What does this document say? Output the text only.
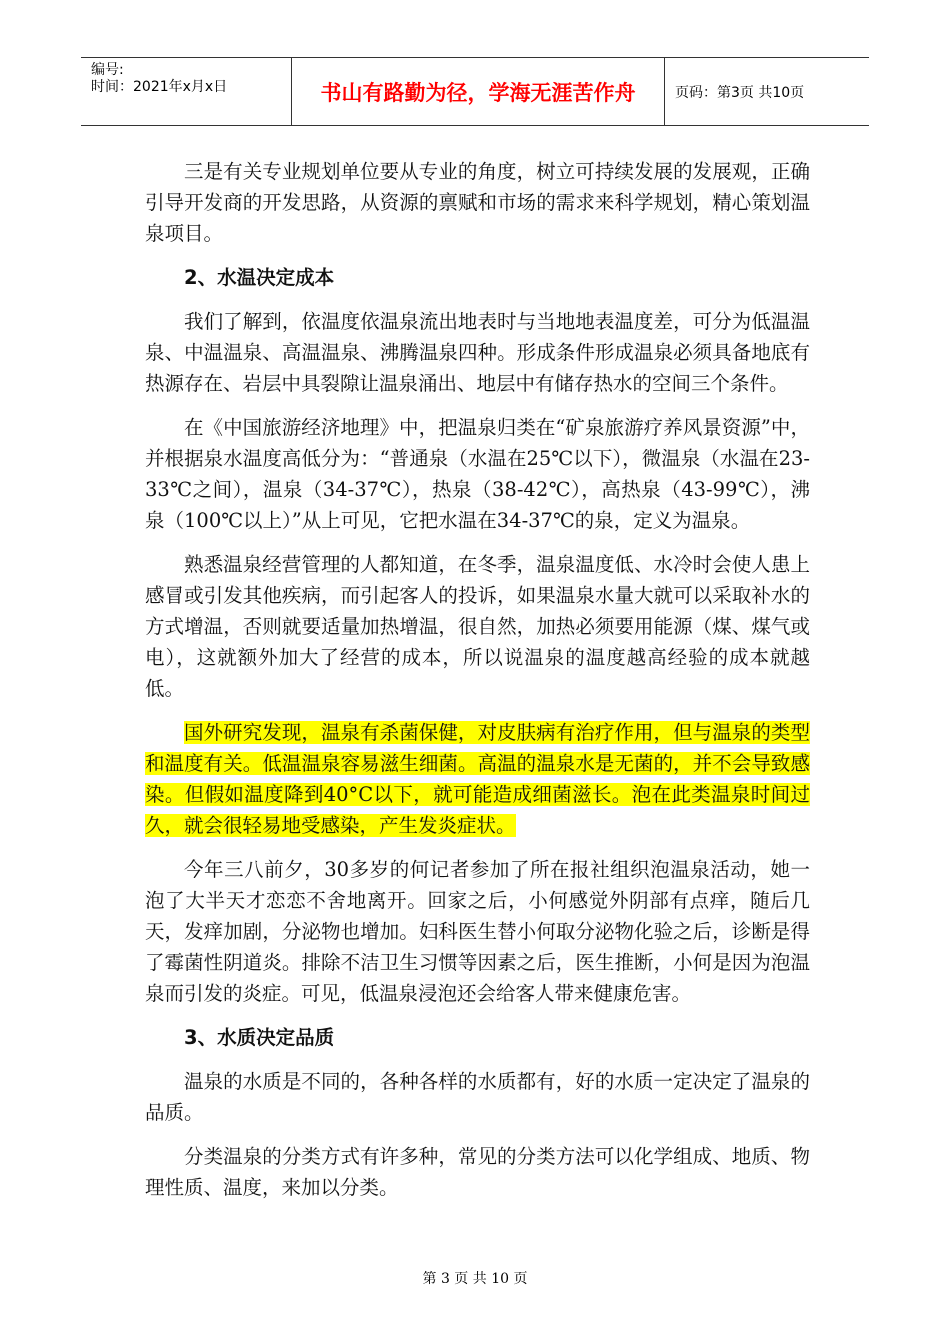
编号:
时间：2021年x月x日	书山有路勤为径，学海无涯苦作舟	页码：第3页 共10页

三是有关专业规划单位要从专业的角度，树立可持续发展的发展观，正确引导开发商的开发思路，从资源的禀赋和市场的需求来科学规划，精心策划温泉项目。

2、水温决定成本

我们了解到，依温度依温泉流出地表时与当地地表温度差，可分为低温温泉、中温温泉、高温温泉、沸腾温泉四种。形成条件形成温泉必须具备地底有热源存在、岩层中具裂隙让温泉涌出、地层中有储存热水的空间三个条件。

在《中国旅游经济地理》中，把温泉归类在“矿泉旅游疗养风景资源”中，并根据泉水温度高低分为：“普通泉（水温在25℃以下），微温泉（水温在23-33℃之间），温泉（34-37℃），热泉（38-42℃），高热泉（43-99℃），沸泉（100℃以上）”从上可见，它把水温在34-37℃的泉，定义为温泉。

熟悉温泉经营管理的人都知道，在冬季，温泉温度低、水冷时会使人患上感冒或引发其他疾病，而引起客人的投诉，如果温泉水量大就可以采取补水的方式增温，否则就要适量加热增温，很自然，加热必须要用能源（煤、煤气或电），这就额外加大了经营的成本，所以说温泉的温度越高经验的成本就越低。

国外研究发现，温泉有杀菌保健，对皮肤病有治疗作用，但与温泉的类型和温度有关。低温温泉容易滋生细菌。高温的温泉水是无菌的，并不会导致感染。但假如温度降到40°C以下，就可能造成细菌滋长。泡在此类温泉时间过久，就会很轻易地受感染，产生发炎症状。

今年三八前夕，30多岁的何记者参加了所在报社组织泡温泉活动，她一泡了大半天才恋恋不舍地离开。回家之后，小何感觉外阴部有点痒，随后几天，发痒加剧，分泌物也增加。妇科医生替小何取分泌物化验之后，诊断是得了霉菌性阴道炎。排除不洁卫生习惯等因素之后，医生推断，小何是因为泡温泉而引发的炎症。可见，低温泉浸泡还会给客人带来健康危害。

3、水质决定品质

温泉的水质是不同的，各种各样的水质都有，好的水质一定决定了温泉的品质。

分类温泉的分类方式有许多种，常见的分类方法可以化学组成、地质、物理性质、温度，来加以分类。

第 3 页 共 10 页
